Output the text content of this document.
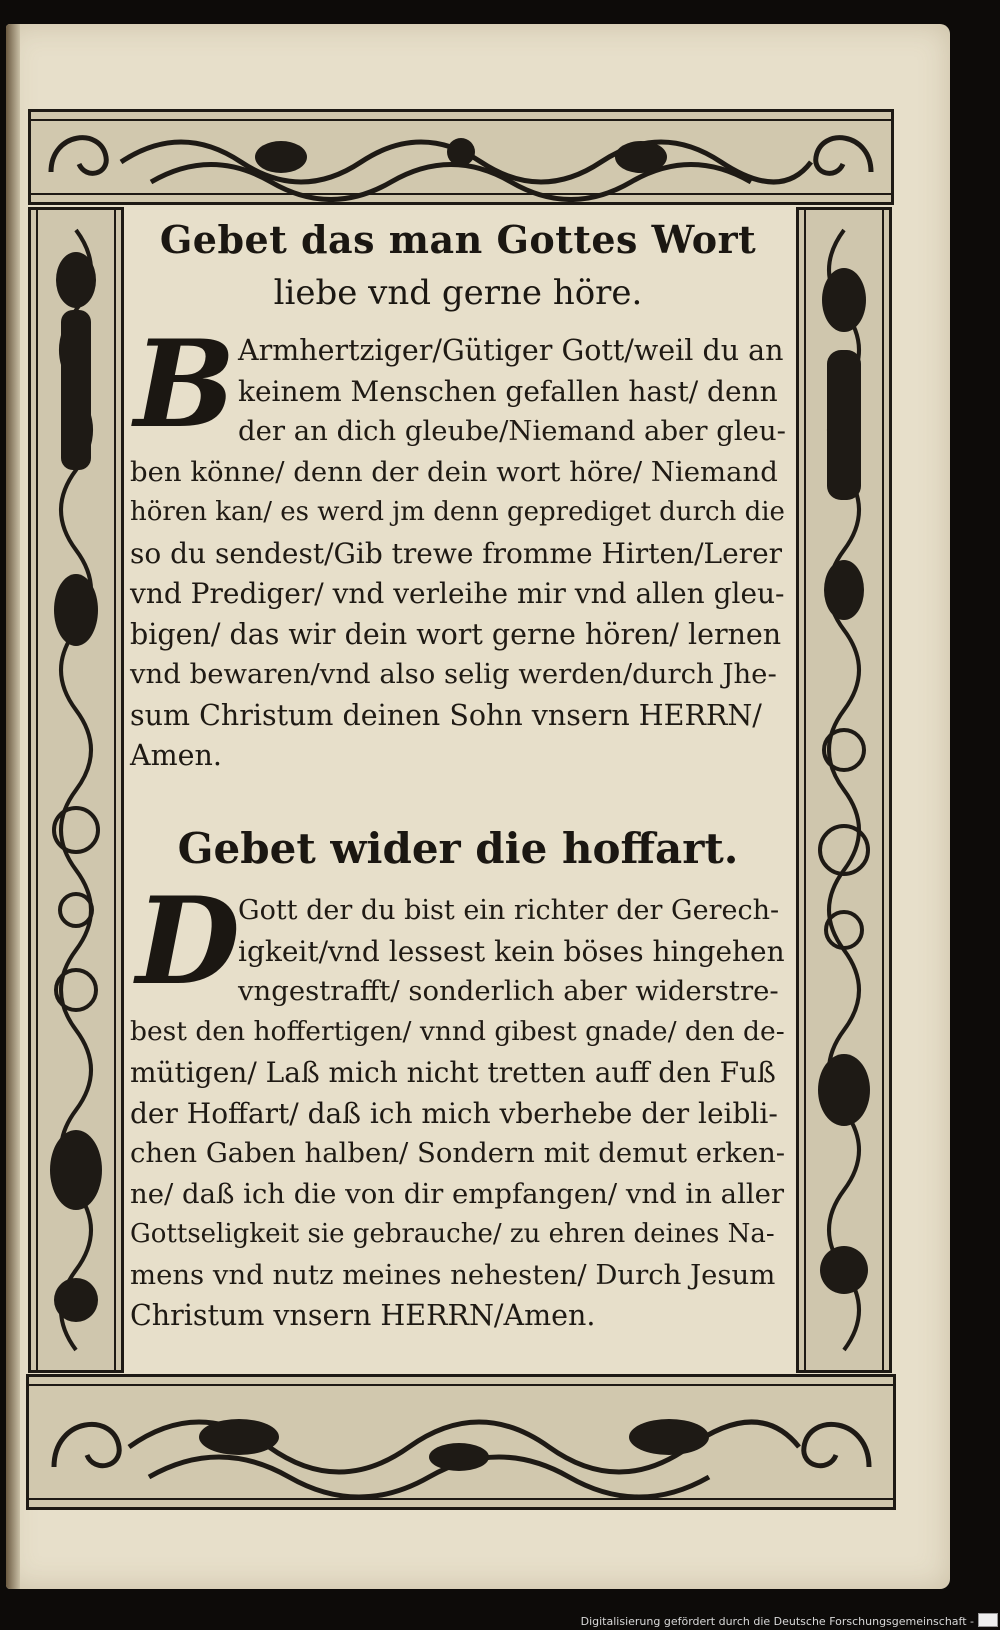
Gebet das man Gottes Wort
liebe vnd gerne höre.
B Armhertziger/Gütiger Gott/weil du an

keinem Menschen gefallen hast/ denn

der an dich gleube/Niemand aber gleu-

ben könne/ denn der dein wort höre/ Niemand

hören kan/ es werd jm denn geprediget durch die

so du sendest/Gib trewe fromme Hirten/Lerer

vnd Prediger/ vnd verleihe mir vnd allen gleu-

bigen/ das wir dein wort gerne hören/ lernen

vnd bewaren/vnd also selig werden/durch Jhe-

sum Christum deinen Sohn vnsern HERRN/

Amen.

Gebet wider die hoffart.
D

Gott der du bist ein richter der Gerech-

igkeit/vnd lessest kein böses hingehen

vngestrafft/ sonderlich aber widerstre-

best den hoffertigen/ vnnd gibest gnade/ den de-

mütigen/ Laß mich nicht tretten auff den Fuß

der Hoffart/ daß ich mich vberhebe der leibli-

chen Gaben halben/ Sondern mit demut erken-

ne/ daß ich die von dir empfangen/ vnd in aller

Gottseligkeit sie gebrauche/ zu ehren deines Na-

mens vnd nutz meines nehesten/ Durch Jesum

Christum vnsern HERRN/Amen.

Digitalisierung gefördert durch die Deutsche Forschungsgemeinschaft -
